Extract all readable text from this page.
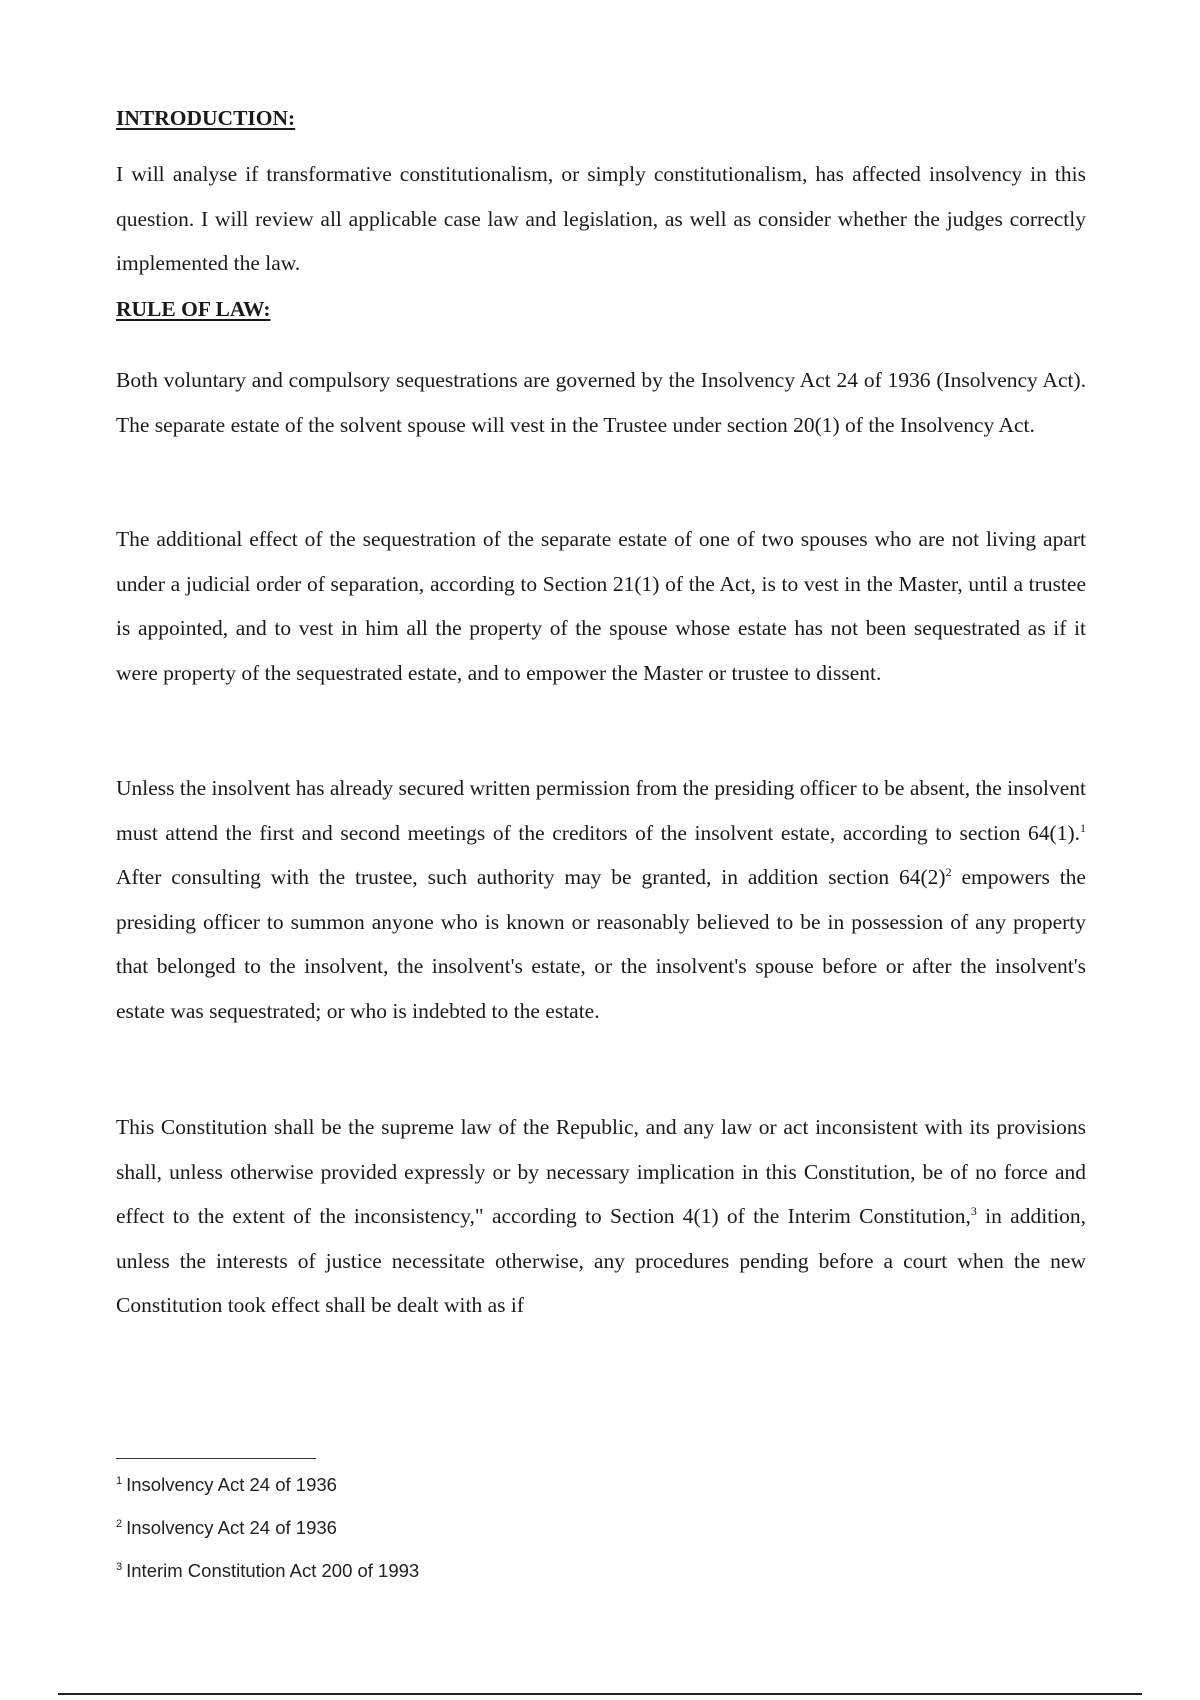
INTRODUCTION:

I will analyse if transformative constitutionalism, or simply constitutionalism, has affected insolvency in this question. I will review all applicable case law and legislation, as well as consider whether the judges correctly implemented the law.

RULE OF LAW:

Both voluntary and compulsory sequestrations are governed by the Insolvency Act 24 of 1936 (Insolvency Act). The separate estate of the solvent spouse will vest in the Trustee under section 20(1) of the Insolvency Act.

The additional effect of the sequestration of the separate estate of one of two spouses who are not living apart under a judicial order of separation, according to Section 21(1) of the Act, is to vest in the Master, until a trustee is appointed, and to vest in him all the property of the spouse whose estate has not been sequestrated as if it were property of the sequestrated estate, and to empower the Master or trustee to dissent.

Unless the insolvent has already secured written permission from the presiding officer to be absent, the insolvent must attend the first and second meetings of the creditors of the insolvent estate, according to section 64(1).$^1$ After consulting with the trustee, such authority may be granted, in addition section 64(2)$^2$ empowers the presiding officer to summon anyone who is known or reasonably believed to be in possession of any property that belonged to the insolvent, the insolvent's estate, or the insolvent's spouse before or after the insolvent's estate was sequestrated; or who is indebted to the estate.

This Constitution shall be the supreme law of the Republic, and any law or act inconsistent with its provisions shall, unless otherwise provided expressly or by necessary implication in this Constitution, be of no force and effect to the extent of the inconsistency," according to Section 4(1) of the Interim Constitution,$^3$ in addition, unless the interests of justice necessitate otherwise, any procedures pending before a court when the new Constitution took effect shall be dealt with as if

$^1$ Insolvency Act 24 of 1936

$^2$ Insolvency Act 24 of 1936

$^3$ Interim Constitution Act 200 of 1993
